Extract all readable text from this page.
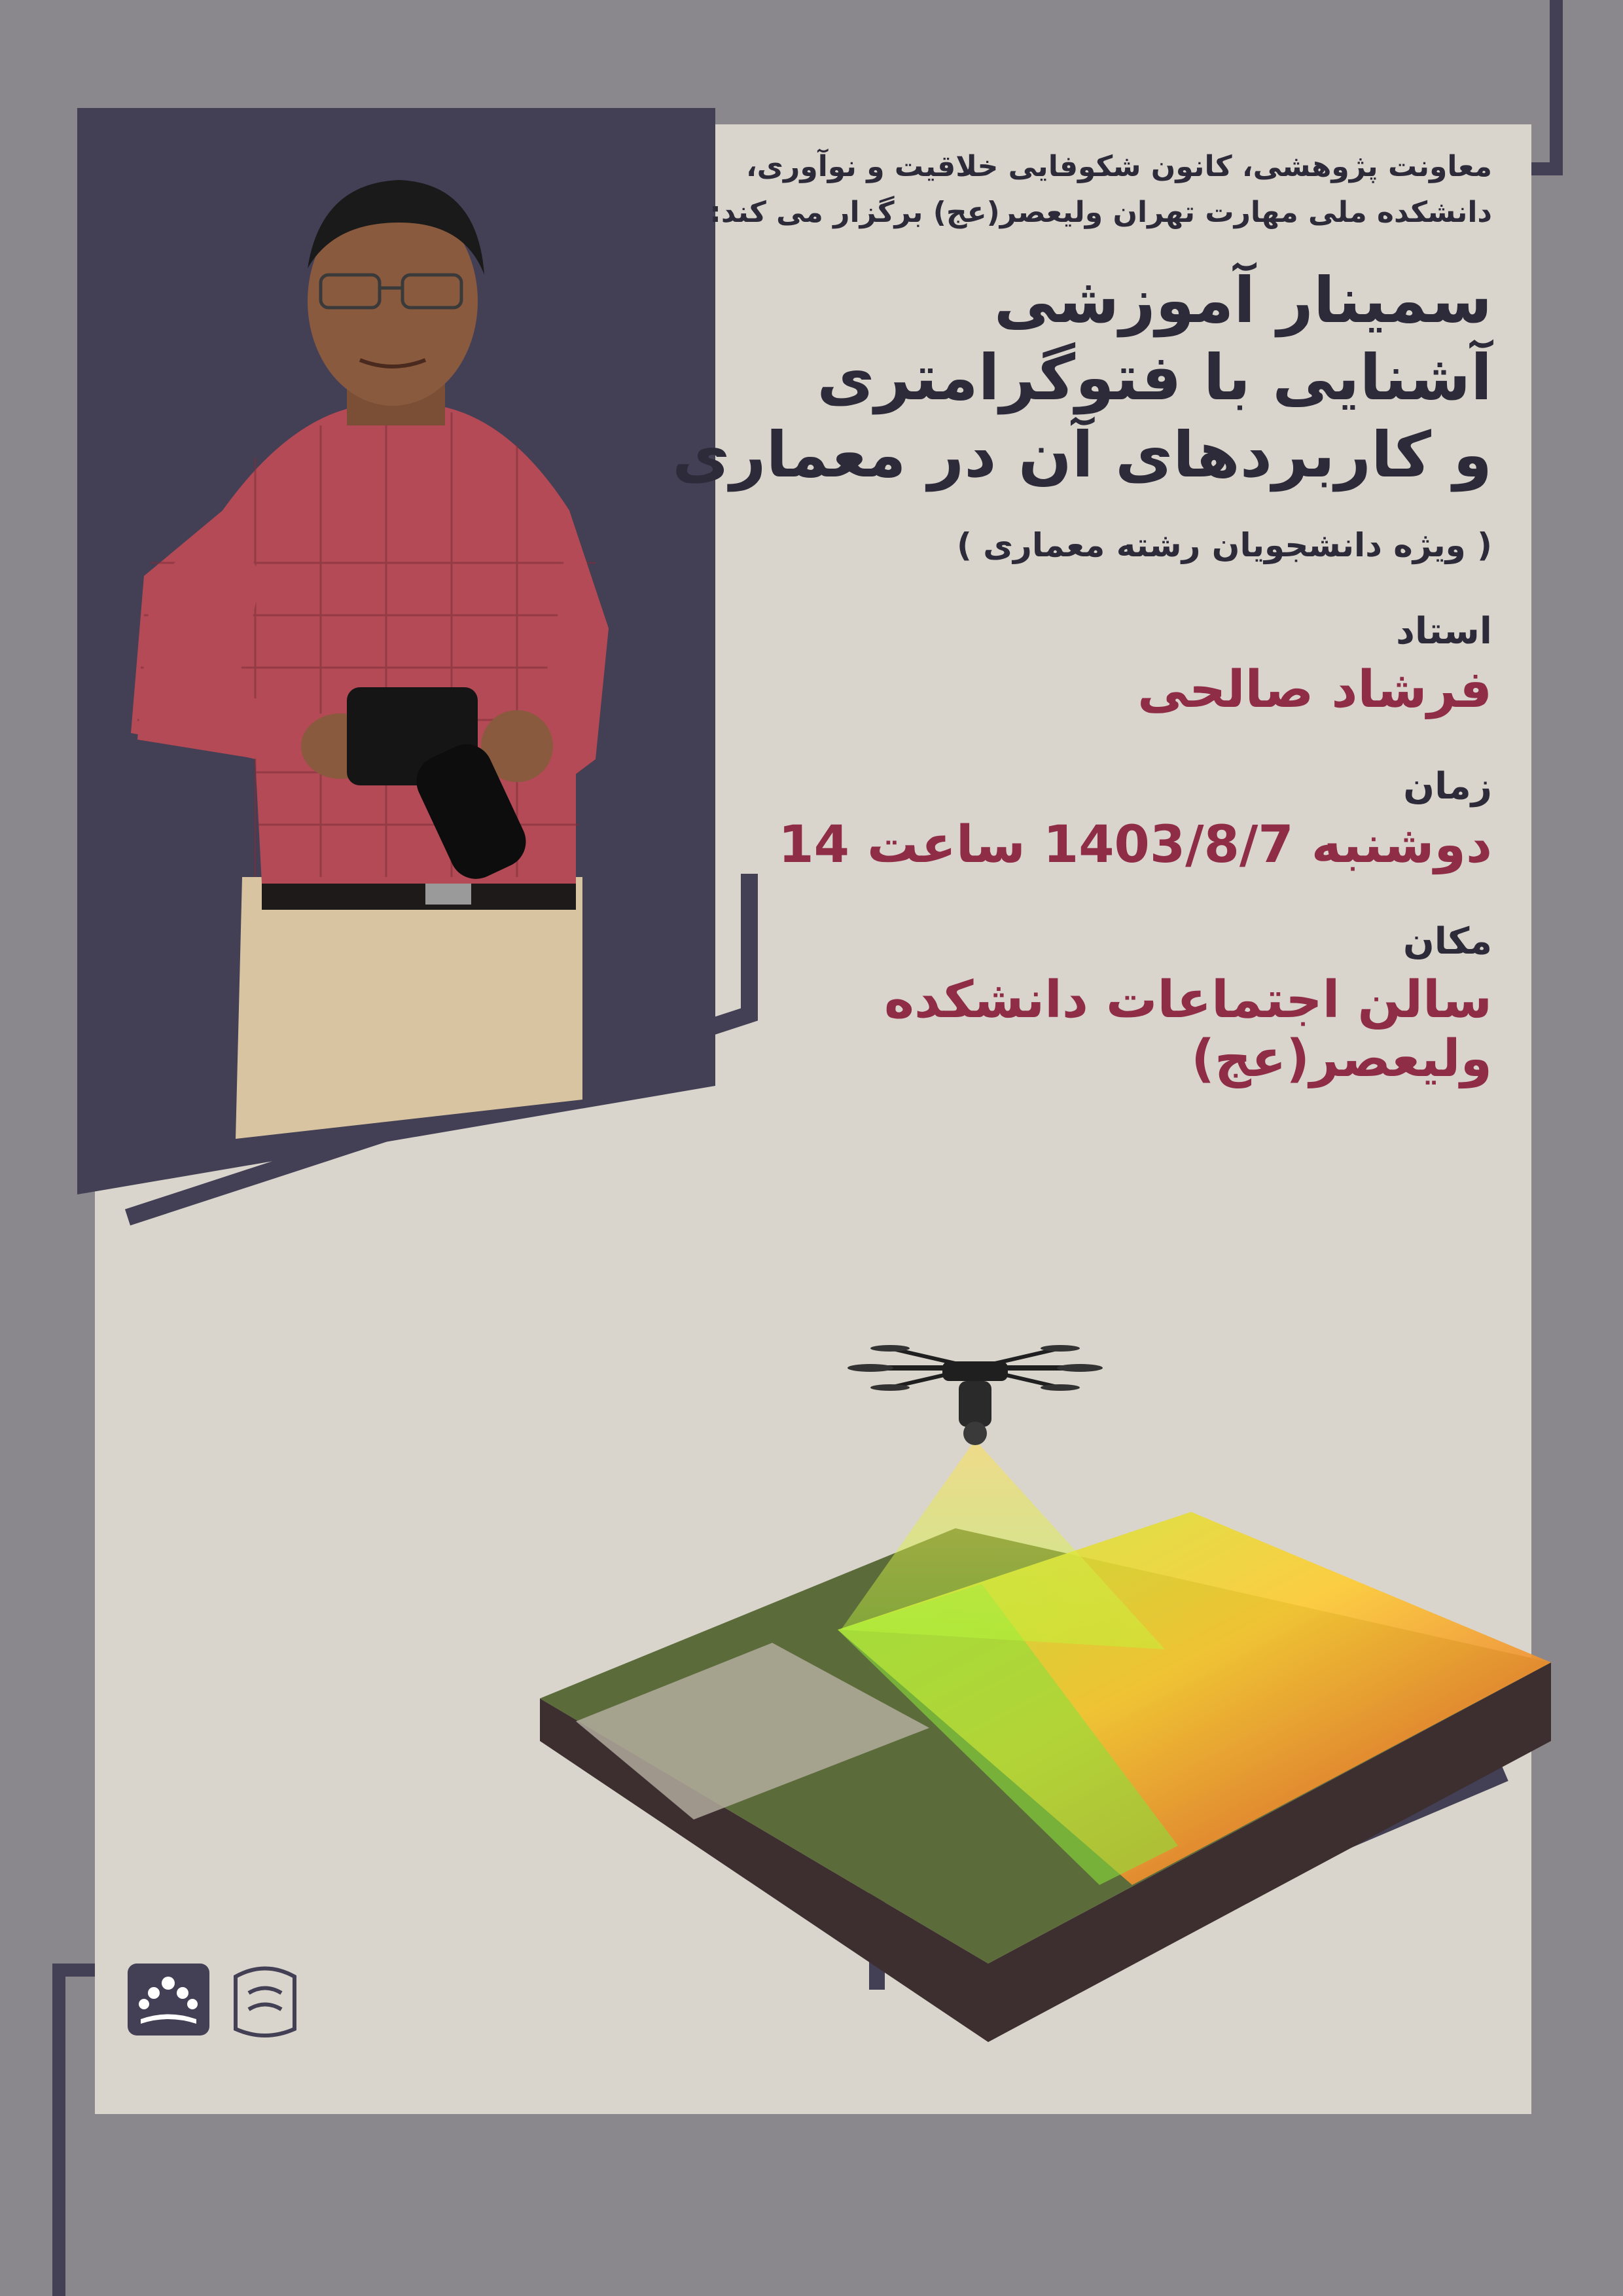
معاونت پژوهشی، کانون شکوفایی خلاقیت و نوآوری،
دانشکده ملی مهارت تهران ولیعصر(عج) برگزار می کند:
سمینار آموزشی
آشنایی با فتوگرامتری
و کاربردهای آن در معماری
( ویژه دانشجویان رشته معماری )
استاد
فرشاد صالحی
زمان
دوشنبه 1403/8/7 ساعت 14
مکان
سالن اجتماعات دانشکده ولیعصر(عج)
